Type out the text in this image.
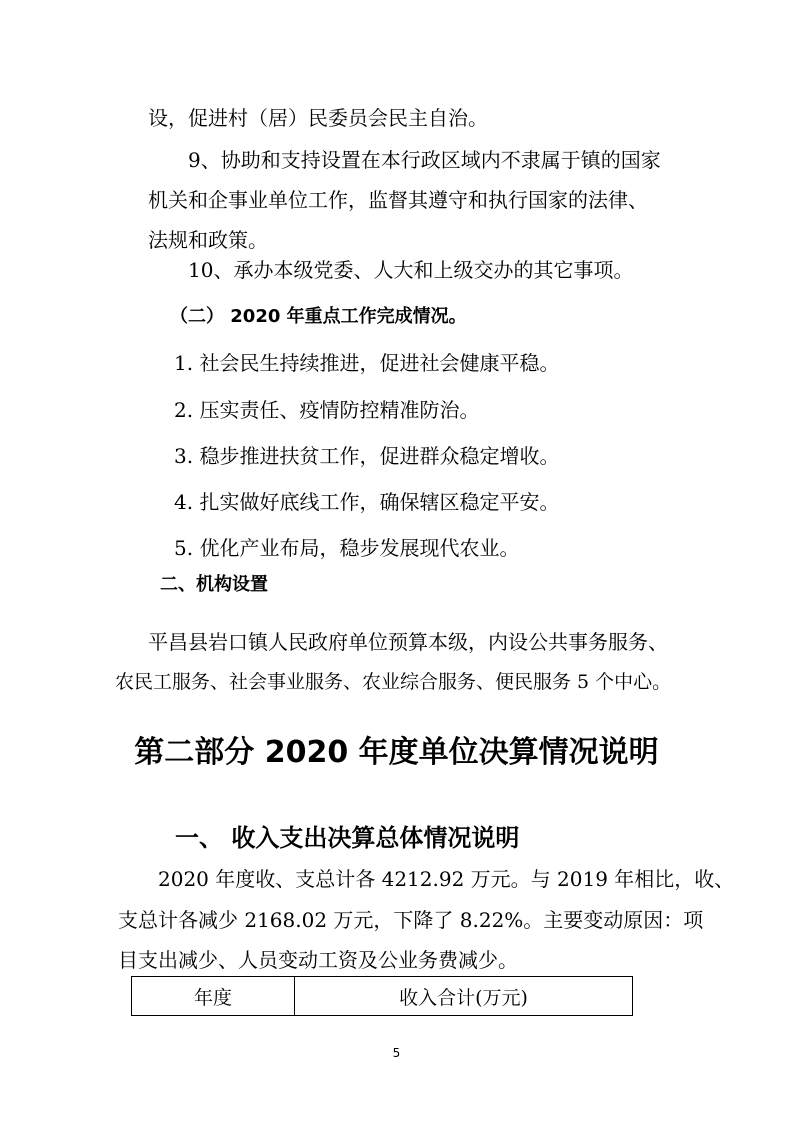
设，促进村（居）民委员会民主自治。
9、协助和支持设置在本行政区域内不隶属于镇的国家
机关和企事业单位工作，监督其遵守和执行国家的法律、
法规和政策。
10、承办本级党委、人大和上级交办的其它事项。
（二） 2020 年重点工作完成情况。
1. 社会民生持续推进，促进社会健康平稳。
2. 压实责任、疫情防控精准防治。
3. 稳步推进扶贫工作，促进群众稳定增收。
4. 扎实做好底线工作，确保辖区稳定平安。
5. 优化产业布局，稳步发展现代农业。
二、机构设置
平昌县岩口镇人民政府单位预算本级，内设公共事务服务、
农民工服务、社会事业服务、农业综合服务、便民服务 5 个中心。
第二部分 2020 年度单位决算情况说明
一、 收入支出决算总体情况说明
2020 年度收、支总计各 4212.92 万元。与 2019 年相比，收、
支总计各减少 2168.02 万元，下降了 8.22%。主要变动原因：项
目支出减少、人员变动工资及公业务费减少。
年度	收入合计(万元)
5
